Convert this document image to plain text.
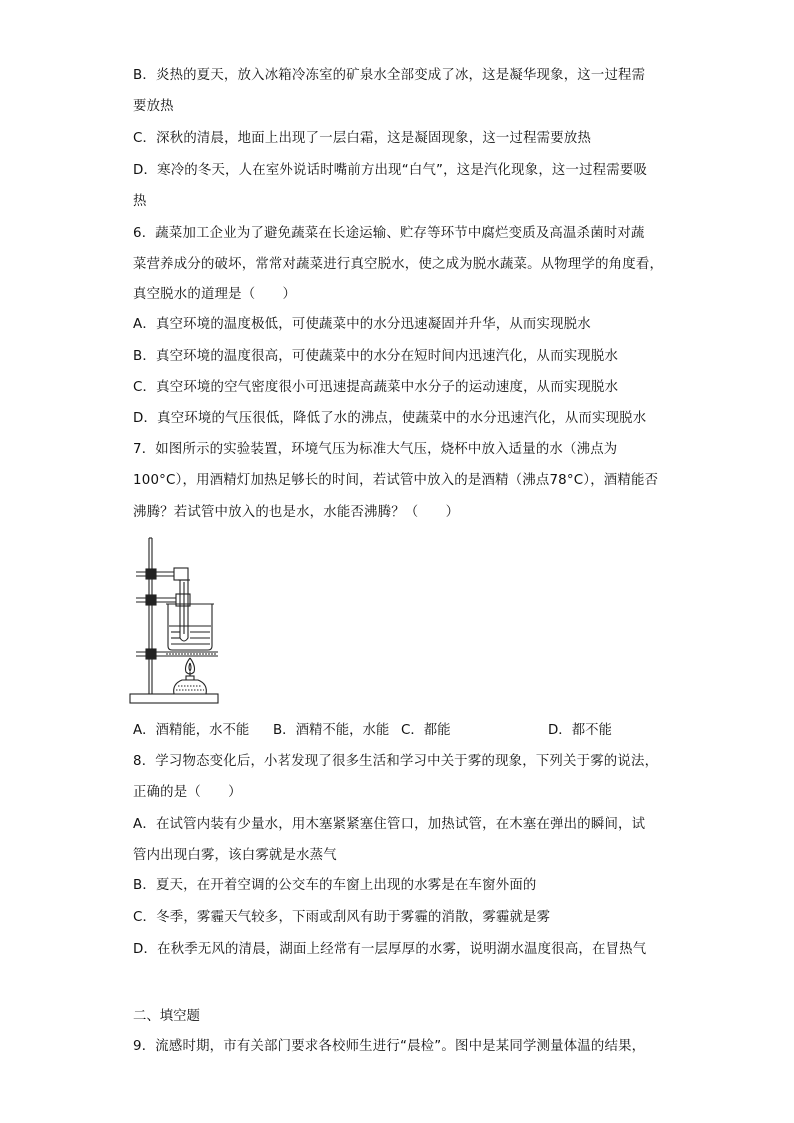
B．炎热的夏天，放入冰箱冷冻室的矿泉水全部变成了冰，这是凝华现象，这一过程需

要放热

C．深秋的清晨，地面上出现了一层白霜，这是凝固现象，这一过程需要放热

D．寒冷的冬天，人在室外说话时嘴前方出现“白气”，这是汽化现象，这一过程需要吸

热

6．蔬菜加工企业为了避免蔬菜在长途运输、贮存等环节中腐烂变质及高温杀菌时对蔬

菜营养成分的破坏，常常对蔬菜进行真空脱水，使之成为脱水蔬菜。从物理学的角度看，

真空脱水的道理是（　　）

A．真空环境的温度极低，可使蔬菜中的水分迅速凝固并升华，从而实现脱水

B．真空环境的温度很高，可使蔬菜中的水分在短时间内迅速汽化，从而实现脱水

C．真空环境的空气密度很小可迅速提高蔬菜中水分子的运动速度，从而实现脱水

D．真空环境的气压很低，降低了水的沸点，使蔬菜中的水分迅速汽化，从而实现脱水

7．如图所示的实验装置，环境气压为标准大气压，烧杯中放入适量的水（沸点为

100°C），用酒精灯加热足够长的时间，若试管中放入的是酒精（沸点78°C），酒精能否

沸腾？若试管中放入的也是水，水能否沸腾？（　　）

A．酒精能，水不能 B．酒精不能，水能 C．都能	D．都不能

8．学习物态变化后，小茗发现了很多生活和学习中关于雾的现象，下列关于雾的说法，

正确的是（　　）

A．在试管内装有少量水，用木塞紧紧塞住管口，加热试管，在木塞在弹出的瞬间，试

管内出现白雾，该白雾就是水蒸气

B．夏天，在开着空调的公交车的车窗上出现的水雾是在车窗外面的

C．冬季，雾霾天气较多，下雨或刮风有助于雾霾的消散，雾霾就是雾

D．在秋季无风的清晨，湖面上经常有一层厚厚的水雾，说明湖水温度很高，在冒热气

二、填空题

9．流感时期，市有关部门要求各校师生进行“晨检”。图中是某同学测量体温的结果，
